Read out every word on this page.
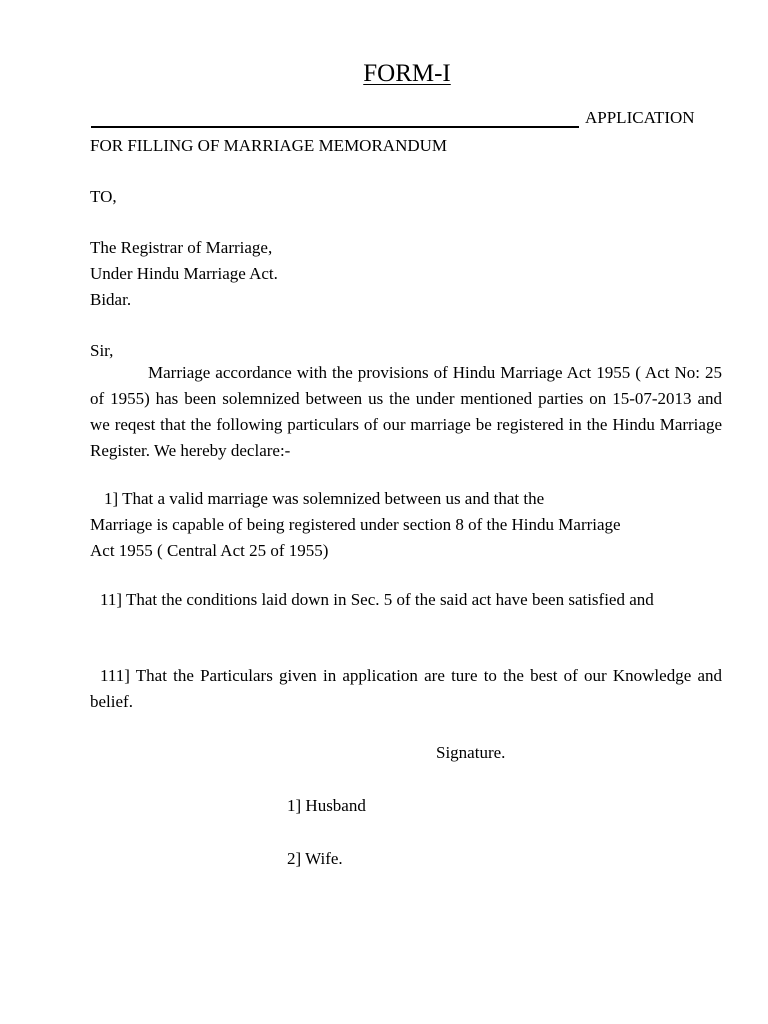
FORM-I
APPLICATION
FOR FILLING OF MARRIAGE MEMORANDUM
TO,
The Registrar of Marriage,
Under Hindu Marriage Act.
Bidar.
Sir,
Marriage accordance with the provisions of Hindu Marriage Act 1955 ( Act No: 25 of 1955) has been solemnized between us the under mentioned parties on 15-07-2013 and we reqest that the following particulars of our marriage be registered in the Hindu Marriage Register. We hereby declare:-
1] That a valid marriage was solemnized between us and that the
Marriage is capable of being registered under section 8 of the Hindu Marriage
Act 1955 ( Central Act 25 of 1955)
11] That the conditions laid down in Sec. 5 of the said act have been satisfied and
111] That the Particulars given in application are ture to the best of our Knowledge and belief.
Signature.
1] Husband
2] Wife.
